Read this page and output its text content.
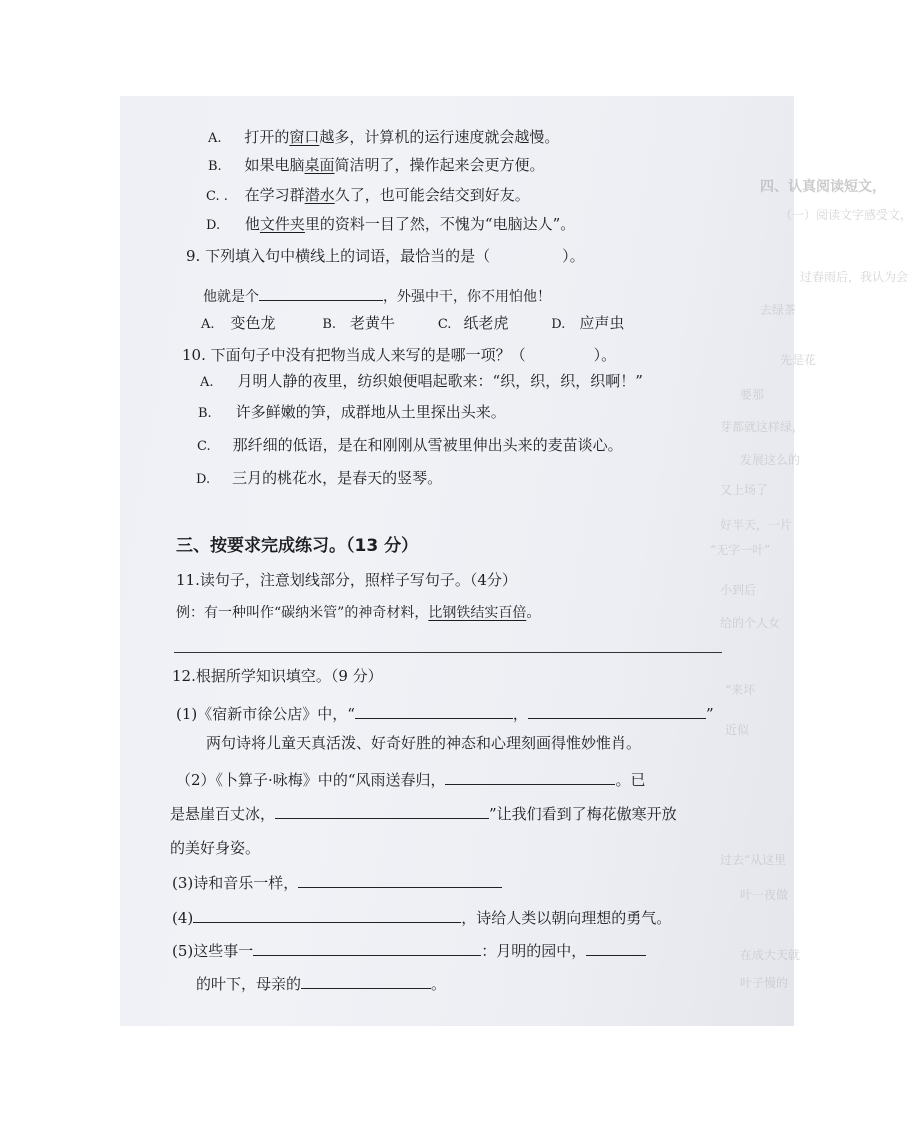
四、认真阅读短文，
（一）阅读文字感受文，
过春雨后，我认为会
去绿茶
先是花
要那
芽都就这样绿，
发展这么的
又上场了
好半天，一片
“无字一叶”
小到后
给的个人女
“来坏
近似
过去“从这里
叶一夜做
在成大天就
叶子慢的
A. 打开的窗口越多，计算机的运行速度就会越慢。
B. 如果电脑桌面简洁明了，操作起来会更方便。
C. . 在学习群潜水久了，也可能会结交到好友。
D. 他文件夹里的资料一目了然，不愧为“电脑达人”。
9. 下列填入句中横线上的词语，最恰当的是（	）。
他就是个	，外强中干，你不用怕他！
A. 变色龙	B. 老黄牛	C. 纸老虎	D. 应声虫
10. 下面句子中没有把物当成人来写的是哪一项？（	）。
A. 月明人静的夜里，纺织娘便唱起歌来：“织，织，织，织啊！”
B. 许多鲜嫩的笋，成群地从土里探出头来。
C. 那纤细的低语，是在和刚刚从雪被里伸出头来的麦苗谈心。
D. 三月的桃花水，是春天的竖琴。
三、按要求完成练习。（13 分）
11.读句子，注意划线部分，照样子写句子。（4分）
例：有一种叫作“碳纳米管”的神奇材料，比钢铁结实百倍。
12.根据所学知识填空。（9 分）
(1)《宿新市徐公店》中，“	，	”
两句诗将儿童天真活泼、好奇好胜的神态和心理刻画得惟妙惟肖。
（2）《卜算子·咏梅》中的“风雨送春归，	。已
是悬崖百丈冰，	”让我们看到了梅花傲寒开放
的美好身姿。
(3)诗和音乐一样，
(4)	，诗给人类以朝向理想的勇气。
(5)这些事一	：月明的园中，
的叶下，母亲的	。
